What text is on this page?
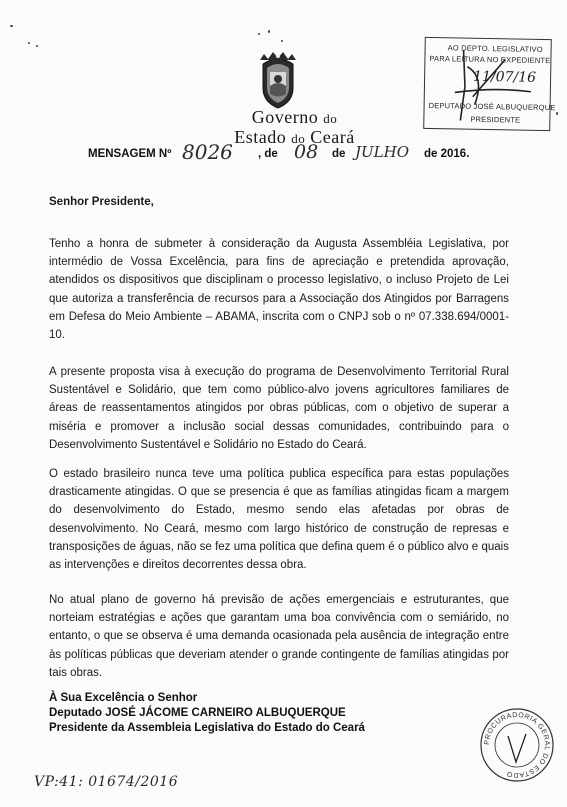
Governo do
Estado do Ceará
AO DEPTO. LEGISLATIVO
PARA LEITURA NO EXPEDIENTE
11/07/16
DEPUTADO JOSÉ ALBUQUERQUE
PRESIDENTE
MENSAGEM Nº 8026 , de 08 de JULHO de 2016.
Senhor Presidente,

Tenho a honra de submeter à consideração da Augusta Assembléia Legislativa, por intermédio de Vossa Excelência, para fins de apreciação e pretendida aprovação, atendidos os dispositivos que disciplinam o processo legislativo, o incluso Projeto de Lei que autoriza a transferência de recursos para a Associação dos Atingidos por Barragens em Defesa do Meio Ambiente – ABAMA, inscrita com o CNPJ sob o nº 07.338.694/0001-10.

A presente proposta visa à execução do programa de Desenvolvimento Territorial Rural Sustentável e Solidário, que tem como público-alvo jovens agricultores familiares de áreas de reassentamentos atingidos por obras públicas, com o objetivo de superar a miséria e promover a inclusão social dessas comunidades, contribuindo para o Desenvolvimento Sustentável e Solidário no Estado do Ceará.

O estado brasileiro nunca teve uma política publica específica para estas populações drasticamente atingidas. O que se presencia é que as famílias atingidas ficam a margem do desenvolvimento do Estado, mesmo sendo elas afetadas por obras de desenvolvimento. No Ceará, mesmo com largo histórico de construção de represas e transposições de águas, não se fez uma política que defina quem é o público alvo e quais as intervenções e direitos decorrentes dessa obra.

No atual plano de governo há previsão de ações emergenciais e estruturantes, que norteiam estratégias e ações que garantam uma boa convivência com o semiárido, no entanto, o que se observa é uma demanda ocasionada pela ausência de integração entre às políticas públicas que deveriam atender o grande contingente de famílias atingidas por tais obras.

À Sua Excelência o Senhor
Deputado JOSÉ JÁCOME CARNEIRO ALBUQUERQUE
Presidente da Assembleia Legislativa do Estado do Ceará
PROCURADORIA GERAL DO ESTADO
VP:41: 01674/2016
